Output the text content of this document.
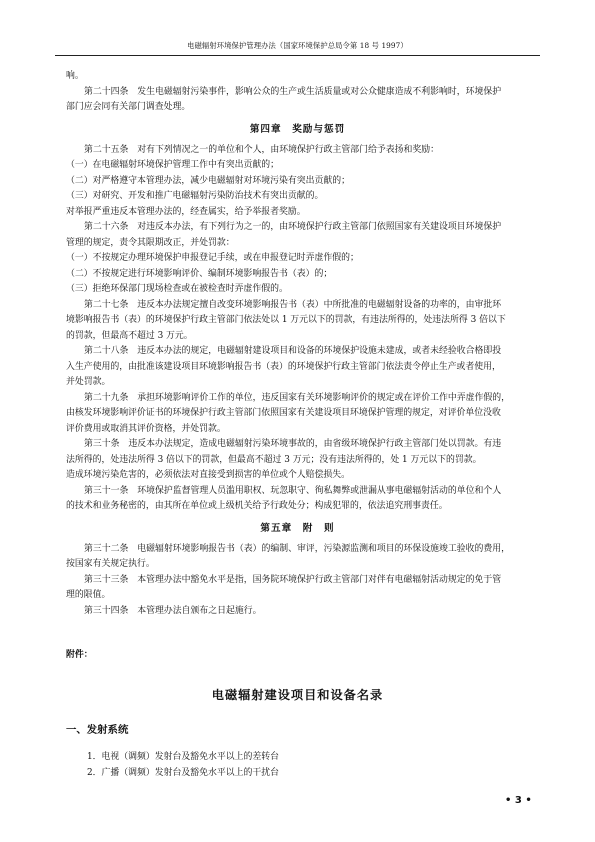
电磁辐射环境保护管理办法（国家环境保护总局令第 18 号 1997）

响。

第二十四条　发生电磁辐射污染事件，影响公众的生产或生活质量或对公众健康造成不利影响时，环境保护

部门应会同有关部门调查处理。

第四章　奖励与惩罚

第二十五条　对有下列情况之一的单位和个人，由环境保护行政主管部门给予表扬和奖励：

（一）在电磁辐射环境保护管理工作中有突出贡献的；

（二）对严格遵守本管理办法，减少电磁辐射对环境污染有突出贡献的；

（三）对研究、开发和推广电磁辐射污染防治技术有突出贡献的。

对举报严重违反本管理办法的，经查属实，给予举报者奖励。

第二十六条　对违反本办法，有下列行为之一的，由环境保护行政主管部门依照国家有关建设项目环境保护

管理的规定，责令其限期改正，并处罚款：

（一）不按规定办理环境保护申报登记手续，或在申报登记时弄虚作假的；

（二）不按规定进行环境影响评价、编制环境影响报告书（表）的；

（三）拒绝环保部门现场检查或在被检查时弄虚作假的。

第二十七条　违反本办法规定擅自改变环境影响报告书（表）中所批准的电磁辐射设备的功率的，由审批环

境影响报告书（表）的环境保护行政主管部门依法处以 1 万元以下的罚款，有违法所得的，处违法所得 3 倍以下

的罚款，但最高不超过 3 万元。

第二十八条　违反本办法的规定，电磁辐射建设项目和设备的环境保护设施未建成，或者未经验收合格即投

入生产使用的，由批准该建设项目环境影响报告书（表）的环境保护行政主管部门依法责令停止生产或者使用，

并处罚款。

第二十九条　承担环境影响评价工作的单位，违反国家有关环境影响评价的规定或在评价工作中弄虚作假的，

由核发环境影响评价证书的环境保护行政主管部门依照国家有关建设项目环境保护管理的规定，对评价单位没收

评价费用或取消其评价资格，并处罚款。

第三十条　违反本办法规定，造成电磁辐射污染环境事故的，由省级环境保护行政主管部门处以罚款。有违

法所得的，处违法所得 3 倍以下的罚款，但最高不超过 3 万元；没有违法所得的，处 1 万元以下的罚款。

造成环境污染危害的，必须依法对直接受到损害的单位或个人赔偿损失。

第三十一条　环境保护监督管理人员滥用职权、玩忽职守、徇私舞弊或泄漏从事电磁辐射活动的单位和个人

的技术和业务秘密的，由其所在单位或上级机关给予行政处分；构成犯罪的，依法追究刑事责任。

第五章　附　则

第三十二条　电磁辐射环境影响报告书（表）的编制、审评，污染源监测和项目的环保设施竣工验收的费用，

按国家有关规定执行。

第三十三条　本管理办法中豁免水平是指，国务院环境保护行政主管部门对伴有电磁辐射活动规定的免于管

理的限值。

第三十四条　本管理办法自颁布之日起施行。

附件：
电磁辐射建设项目和设备名录
一、发射系统
1．电视（调频）发射台及豁免水平以上的差转台
2．广播（调频）发射台及豁免水平以上的干扰台
• 3 •
